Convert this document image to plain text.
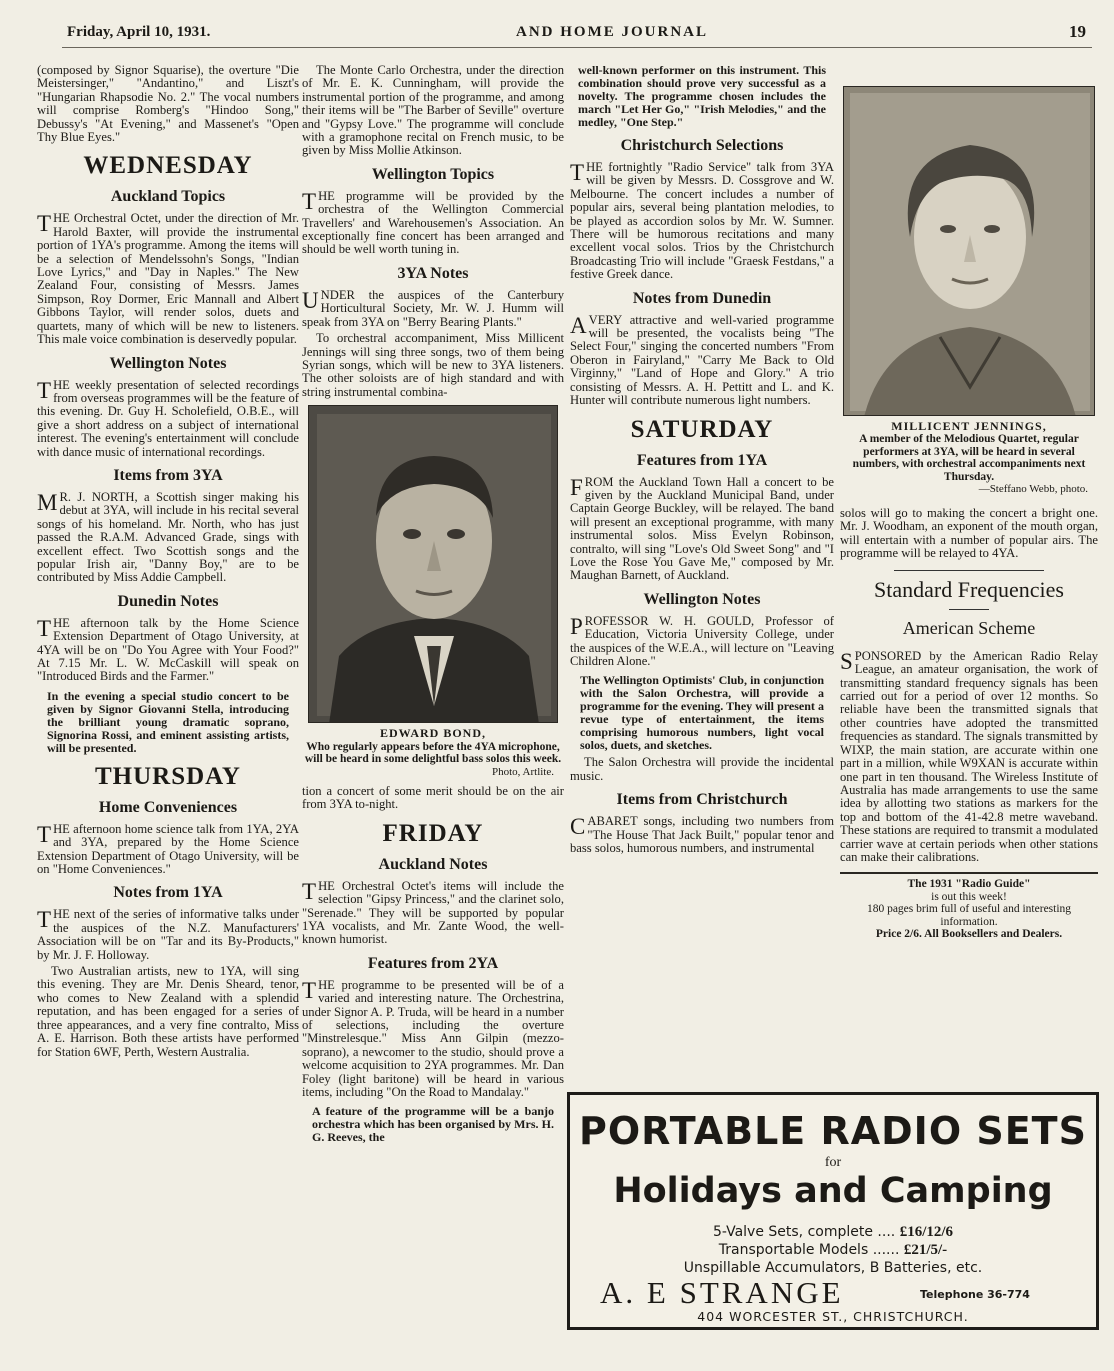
Friday, April 10, 1931.	AND HOME JOURNAL	19

(composed by Signor Squarise), the overture "Die Meistersinger," "Andantino," and Liszt's "Hungarian Rhapsodie No. 2." The vocal numbers will comprise Romberg's "Hindoo Song," Debussy's "At Evening," and Massenet's "Open Thy Blue Eyes."

WEDNESDAY
Auckland Topics

THE Orchestral Octet, under the direction of Mr. Harold Baxter, will provide the instrumental portion of 1YA's programme. Among the items will be a selection of Mendelssohn's Songs, "Indian Love Lyrics," and "Day in Naples." The New Zealand Four, consisting of Messrs. James Simpson, Roy Dormer, Eric Mannall and Albert Gibbons Taylor, will render solos, duets and quartets, many of which will be new to listeners. This male voice combination is deservedly popular.

Wellington Notes

THE weekly presentation of selected recordings from overseas programmes will be the feature of this evening. Dr. Guy H. Scholefield, O.B.E., will give a short address on a subject of international interest. The evening's entertainment will conclude with dance music of international recordings.

Items from 3YA

MR. J. NORTH, a Scottish singer making his debut at 3YA, will include in his recital several songs of his homeland. Mr. North, who has just passed the R.A.M. Advanced Grade, sings with excellent effect. Two Scottish songs and the popular Irish air, "Danny Boy," are to be contributed by Miss Addie Campbell.

Dunedin Notes

THE afternoon talk by the Home Science Extension Department of Otago University, at 4YA will be on "Do You Agree with Your Food?" At 7.15 Mr. L. W. McCaskill will speak on "Introduced Birds and the Farmer."

In the evening a special studio concert to be given by Signor Giovanni Stella, introducing the brilliant young dramatic soprano, Signorina Rossi, and eminent assisting artists, will be presented.

THURSDAY
Home Conveniences

THE afternoon home science talk from 1YA, 2YA and 3YA, prepared by the Home Science Extension Department of Otago University, will be on "Home Conveniences."

Notes from 1YA

THE next of the series of informative talks under the auspices of the N.Z. Manufacturers' Association will be on "Tar and its By-Products," by Mr. J. F. Holloway.

Two Australian artists, new to 1YA, will sing this evening. They are Mr. Denis Sheard, tenor, who comes to New Zealand with a splendid reputation, and has been engaged for a series of three appearances, and a very fine contralto, Miss A. E. Harrison. Both these artists have performed for Station 6WF, Perth, Western Australia.

The Monte Carlo Orchestra, under the direction of Mr. E. K. Cunningham, will provide the instrumental portion of the programme, and among their items will be "The Barber of Seville" overture and "Gypsy Love." The programme will conclude with a gramophone recital on French music, to be given by Miss Mollie Atkinson.

Wellington Topics

THE programme will be provided by the orchestra of the Wellington Commercial Travellers' and Warehousemen's Association. An exceptionally fine concert has been arranged and should be well worth tuning in.

3YA Notes

UNDER the auspices of the Canterbury Horticultural Society, Mr. W. J. Humm will speak from 3YA on "Berry Bearing Plants."

To orchestral accompaniment, Miss Millicent Jennings will sing three songs, two of them being Syrian songs, which will be new to 3YA listeners. The other soloists are of high standard and with string instrumental combina-

EDWARD BOND,
Who regularly appears before the 4YA microphone, will be heard in some delightful bass solos this week.
Photo, Artlite.

tion a concert of some merit should be on the air from 3YA to-night.

FRIDAY
Auckland Notes

THE Orchestral Octet's items will include the selection "Gipsy Princess," and the clarinet solo, "Serenade." They will be supported by popular 1YA vocalists, and Mr. Zante Wood, the well-known humorist.

Features from 2YA

THE programme to be presented will be of a varied and interesting nature. The Orchestrina, under Signor A. P. Truda, will be heard in a number of selections, including the overture "Minstrelesque." Miss Ann Gilpin (mezzo-soprano), a newcomer to the studio, should prove a welcome acquisition to 2YA programmes. Mr. Dan Foley (light baritone) will be heard in various items, including "On the Road to Mandalay."

A feature of the programme will be a banjo orchestra which has been organised by Mrs. H. G. Reeves, the

well-known performer on this instrument. This combination should prove very successful as a novelty. The programme chosen includes the march "Let Her Go," "Irish Melodies," and the medley, "One Step."

Christchurch Selections

THE fortnightly "Radio Service" talk from 3YA will be given by Messrs. D. Cossgrove and W. Melbourne. The concert includes a number of popular airs, several being plantation melodies, to be played as accordion solos by Mr. W. Sumner. There will be humorous recitations and many excellent vocal solos. Trios by the Christchurch Broadcasting Trio will include "Graesk Festdans," a festive Greek dance.

Notes from Dunedin

AVERY attractive and well-varied programme will be presented, the vocalists being "The Select Four," singing the concerted numbers "From Oberon in Fairyland," "Carry Me Back to Old Virginny," "Land of Hope and Glory." A trio consisting of Messrs. A. H. Pettitt and L. and K. Hunter will contribute numerous light numbers.

SATURDAY
Features from 1YA

FROM the Auckland Town Hall a concert to be given by the Auckland Municipal Band, under Captain George Buckley, will be relayed. The band will present an exceptional programme, with many instrumental solos. Miss Evelyn Robinson, contralto, will sing "Love's Old Sweet Song" and "I Love the Rose You Gave Me," composed by Mr. Maughan Barnett, of Auckland.

Wellington Notes

PROFESSOR W. H. GOULD, Professor of Education, Victoria University College, under the auspices of the W.E.A., will lecture on "Leaving Children Alone."

The Wellington Optimists' Club, in conjunction with the Salon Orchestra, will provide a programme for the evening. They will present a revue type of entertainment, the items comprising humorous numbers, light vocal solos, duets, and sketches.

The Salon Orchestra will provide the incidental music.

Items from Christchurch

CABARET songs, including two numbers from "The House That Jack Built," popular tenor and bass solos, humorous numbers, and instrumental

MILLICENT JENNINGS,
A member of the Melodious Quartet, regular performers at 3YA, will be heard in several numbers, with orchestral accompaniments next Thursday.
—Steffano Webb, photo.

solos will go to making the concert a bright one. Mr. J. Woodham, an exponent of the mouth organ, will entertain with a number of popular airs. The programme will be relayed to 4YA.

Standard Frequencies
American Scheme

SPONSORED by the American Radio Relay League, an amateur organisation, the work of transmitting standard frequency signals has been carried out for a period of over 12 months. So reliable have been the transmitted signals that other countries have adopted the transmitted frequencies as standard. The signals transmitted by WIXP, the main station, are accurate within one part in a million, while W9XAN is accurate within one part in ten thousand. The Wireless Institute of Australia has made arrangements to use the same idea by allotting two stations as markers for the top and bottom of the 41-42.8 metre waveband. These stations are required to transmit a modulated carrier wave at certain periods when other stations can make their calibrations.

The 1931 "Radio Guide"
is out this week!
180 pages brim full of useful and interesting information.
Price 2/6. All Booksellers and Dealers.
PORTABLE RADIO SETS
for
Holidays and Camping
5-Valve Sets, complete .... £16/12/6
Transportable Models ...... £21/5/-
Unspillable Accumulators, B Batteries, etc.
A. E STRANGE	Telephone 36-774
404 WORCESTER ST., CHRISTCHURCH.
